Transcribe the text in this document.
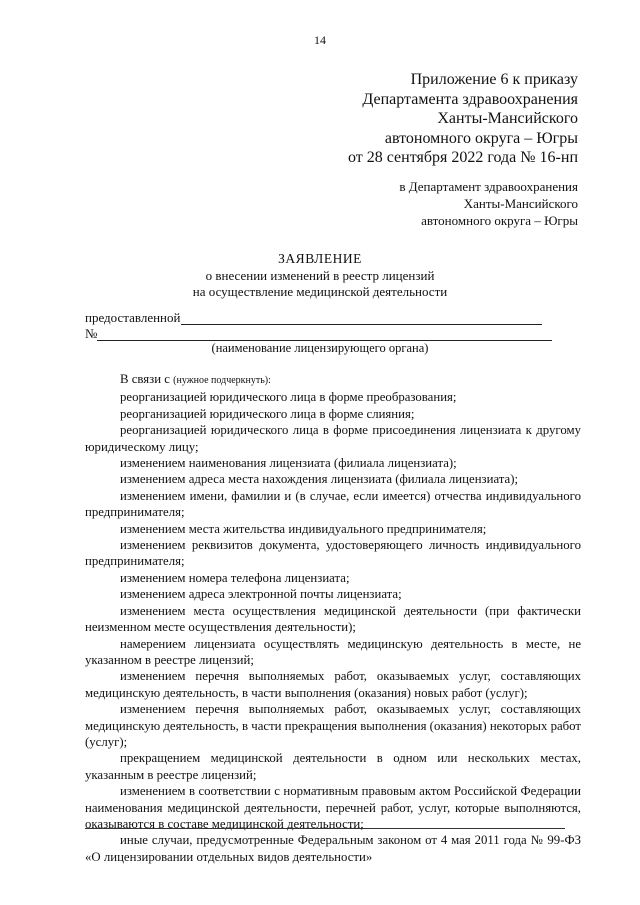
14
Приложение 6 к приказу
Департамента здравоохранения
Ханты-Мансийского
автономного округа – Югры
от 28 сентября 2022 года № 16-нп
в Департамент здравоохранения
Ханты-Мансийского
автономного округа – Югры
ЗАЯВЛЕНИЕ
о внесении изменений в реестр лицензий
на осуществление медицинской деятельности
предоставленной
№
(наименование лицензирующего органа)

В связи с (нужное подчеркнуть):

реорганизацией юридического лица в форме преобразования;

реорганизацией юридического лица в форме слияния;

реорганизацией юридического лица в форме присоединения лицензиата к другому юридическому лицу;

изменением наименования лицензиата (филиала лицензиата);

изменением адреса места нахождения лицензиата (филиала лицензиата);

изменением имени, фамилии и (в случае, если имеется) отчества индивидуального предпринимателя;

изменением места жительства индивидуального предпринимателя;

изменением реквизитов документа, удостоверяющего личность индивидуального предпринимателя;

изменением номера телефона лицензиата;

изменением адреса электронной почты лицензиата;

изменением места осуществления медицинской деятельности (при фактически неизменном месте осуществления деятельности);

намерением лицензиата осуществлять медицинскую деятельность в месте, не указанном в реестре лицензий;

изменением перечня выполняемых работ, оказываемых услуг, составляющих медицинскую деятельность, в части выполнения (оказания) новых работ (услуг);

изменением перечня выполняемых работ, оказываемых услуг, составляющих медицинскую деятельность, в части прекращения выполнения (оказания) некоторых работ (услуг);

прекращением медицинской деятельности в одном или нескольких местах, указанным в реестре лицензий;

изменением в соответствии с нормативным правовым актом Российской Федерации наименования медицинской деятельности, перечней работ, услуг, которые выполняются, оказываются в составе медицинской деятельности;

иные случаи, предусмотренные Федеральным законом от 4 мая 2011 года № 99-ФЗ «О лицензировании отдельных видов деятельности»
